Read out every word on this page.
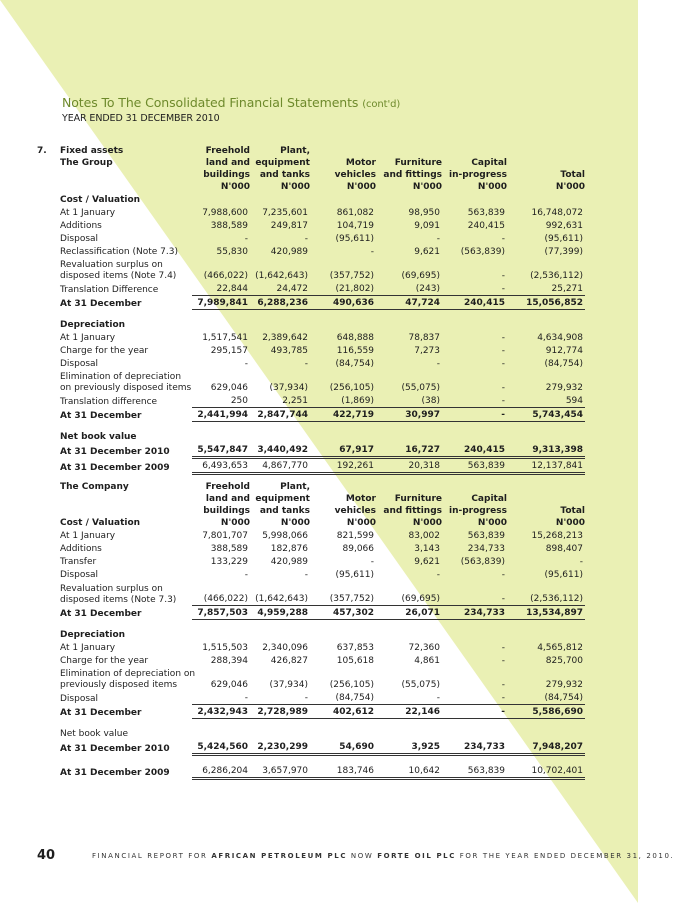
Notes To The Consolidated Financial Statements (cont'd)
YEAR ENDED 31 DECEMBER 2010
7. Fixed assets	Freehold	Plant,				
The Group	land and	equipment	Motor	Furniture	Capital	
	buildings	and tanks	vehicles	and fittings	in-progress	Total
	N'000	N'000	N'000	N'000	N'000	N'000
Cost / Valuation						
At 1 January	7,988,600	7,235,601	861,082	98,950	563,839	16,748,072
Additions	388,589	249,817	104,719	9,091	240,415	992,631
Disposal	-	-	(95,611)	-	-	(95,611)
Reclassification (Note 7.3)	55,830	420,989	-	9,621	(563,839)	(77,399)
Revaluation surplus on
disposed items (Note 7.4)	(466,022)	(1,642,643)	(357,752)	(69,695)	-	(2,536,112)
Translation Difference	22,844	24,472	(21,802)	(243)	-	25,271
At 31 December	7,989,841	6,288,236	490,636	47,724	240,415	15,056,852

Depreciation						
At 1 January	1,517,541	2,389,642	648,888	78,837	-	4,634,908
Charge for the year	295,157	493,785	116,559	7,273	-	912,774
Disposal	-	-	(84,754)	-	-	(84,754)
Elimination of depreciation
on previously disposed items	629,046	(37,934)	(256,105)	(55,075)	-	279,932
Translation difference	250	2,251	(1,869)	(38)	-	594
At 31 December	2,441,994	2,847,744	422,719	30,997	-	5,743,454

Net book value						
At 31 December 2010	5,547,847	3,440,492	67,917	16,727	240,415	9,313,398
At 31 December 2009	6,493,653	4,867,770	192,261	20,318	563,839	12,137,841
The Company	Freehold	Plant,				
	land and	equipment	Motor	Furniture	Capital	
	buildings	and tanks	vehicles	and fittings	in-progress	Total
Cost / Valuation	N'000	N'000	N'000	N'000	N'000	N'000
At 1 January	7,801,707	5,998,066	821,599	83,002	563,839	15,268,213
Additions	388,589	182,876	89,066	3,143	234,733	898,407
Transfer	133,229	420,989	-	9,621	(563,839)	-
Disposal	-	-	(95,611)	-	-	(95,611)
Revaluation surplus on
disposed items (Note 7.3)	(466,022)	(1,642,643)	(357,752)	(69,695)	-	(2,536,112)
At 31 December	7,857,503	4,959,288	457,302	26,071	234,733	13,534,897

Depreciation						
At 1 January	1,515,503	2,340,096	637,853	72,360	-	4,565,812
Charge for the year	288,394	426,827	105,618	4,861	-	825,700
Elimination of depreciation on
previously disposed items	629,046	(37,934)	(256,105)	(55,075)	-	279,932
Disposal	-	-	(84,754)	-	-	(84,754)
At 31 December	2,432,943	2,728,989	402,612	22,146	-	5,586,690

Net book value						
At 31 December 2010	5,424,560	2,230,299	54,690	3,925	234,733	7,948,207

At 31 December 2009	6,286,204	3,657,970	183,746	10,642	563,839	10,702,401
40	FINANCIAL REPORT FOR AFRICAN PETROLEUM PLC NOW FORTE OIL PLC FOR THE YEAR ENDED DECEMBER 31, 2010.
